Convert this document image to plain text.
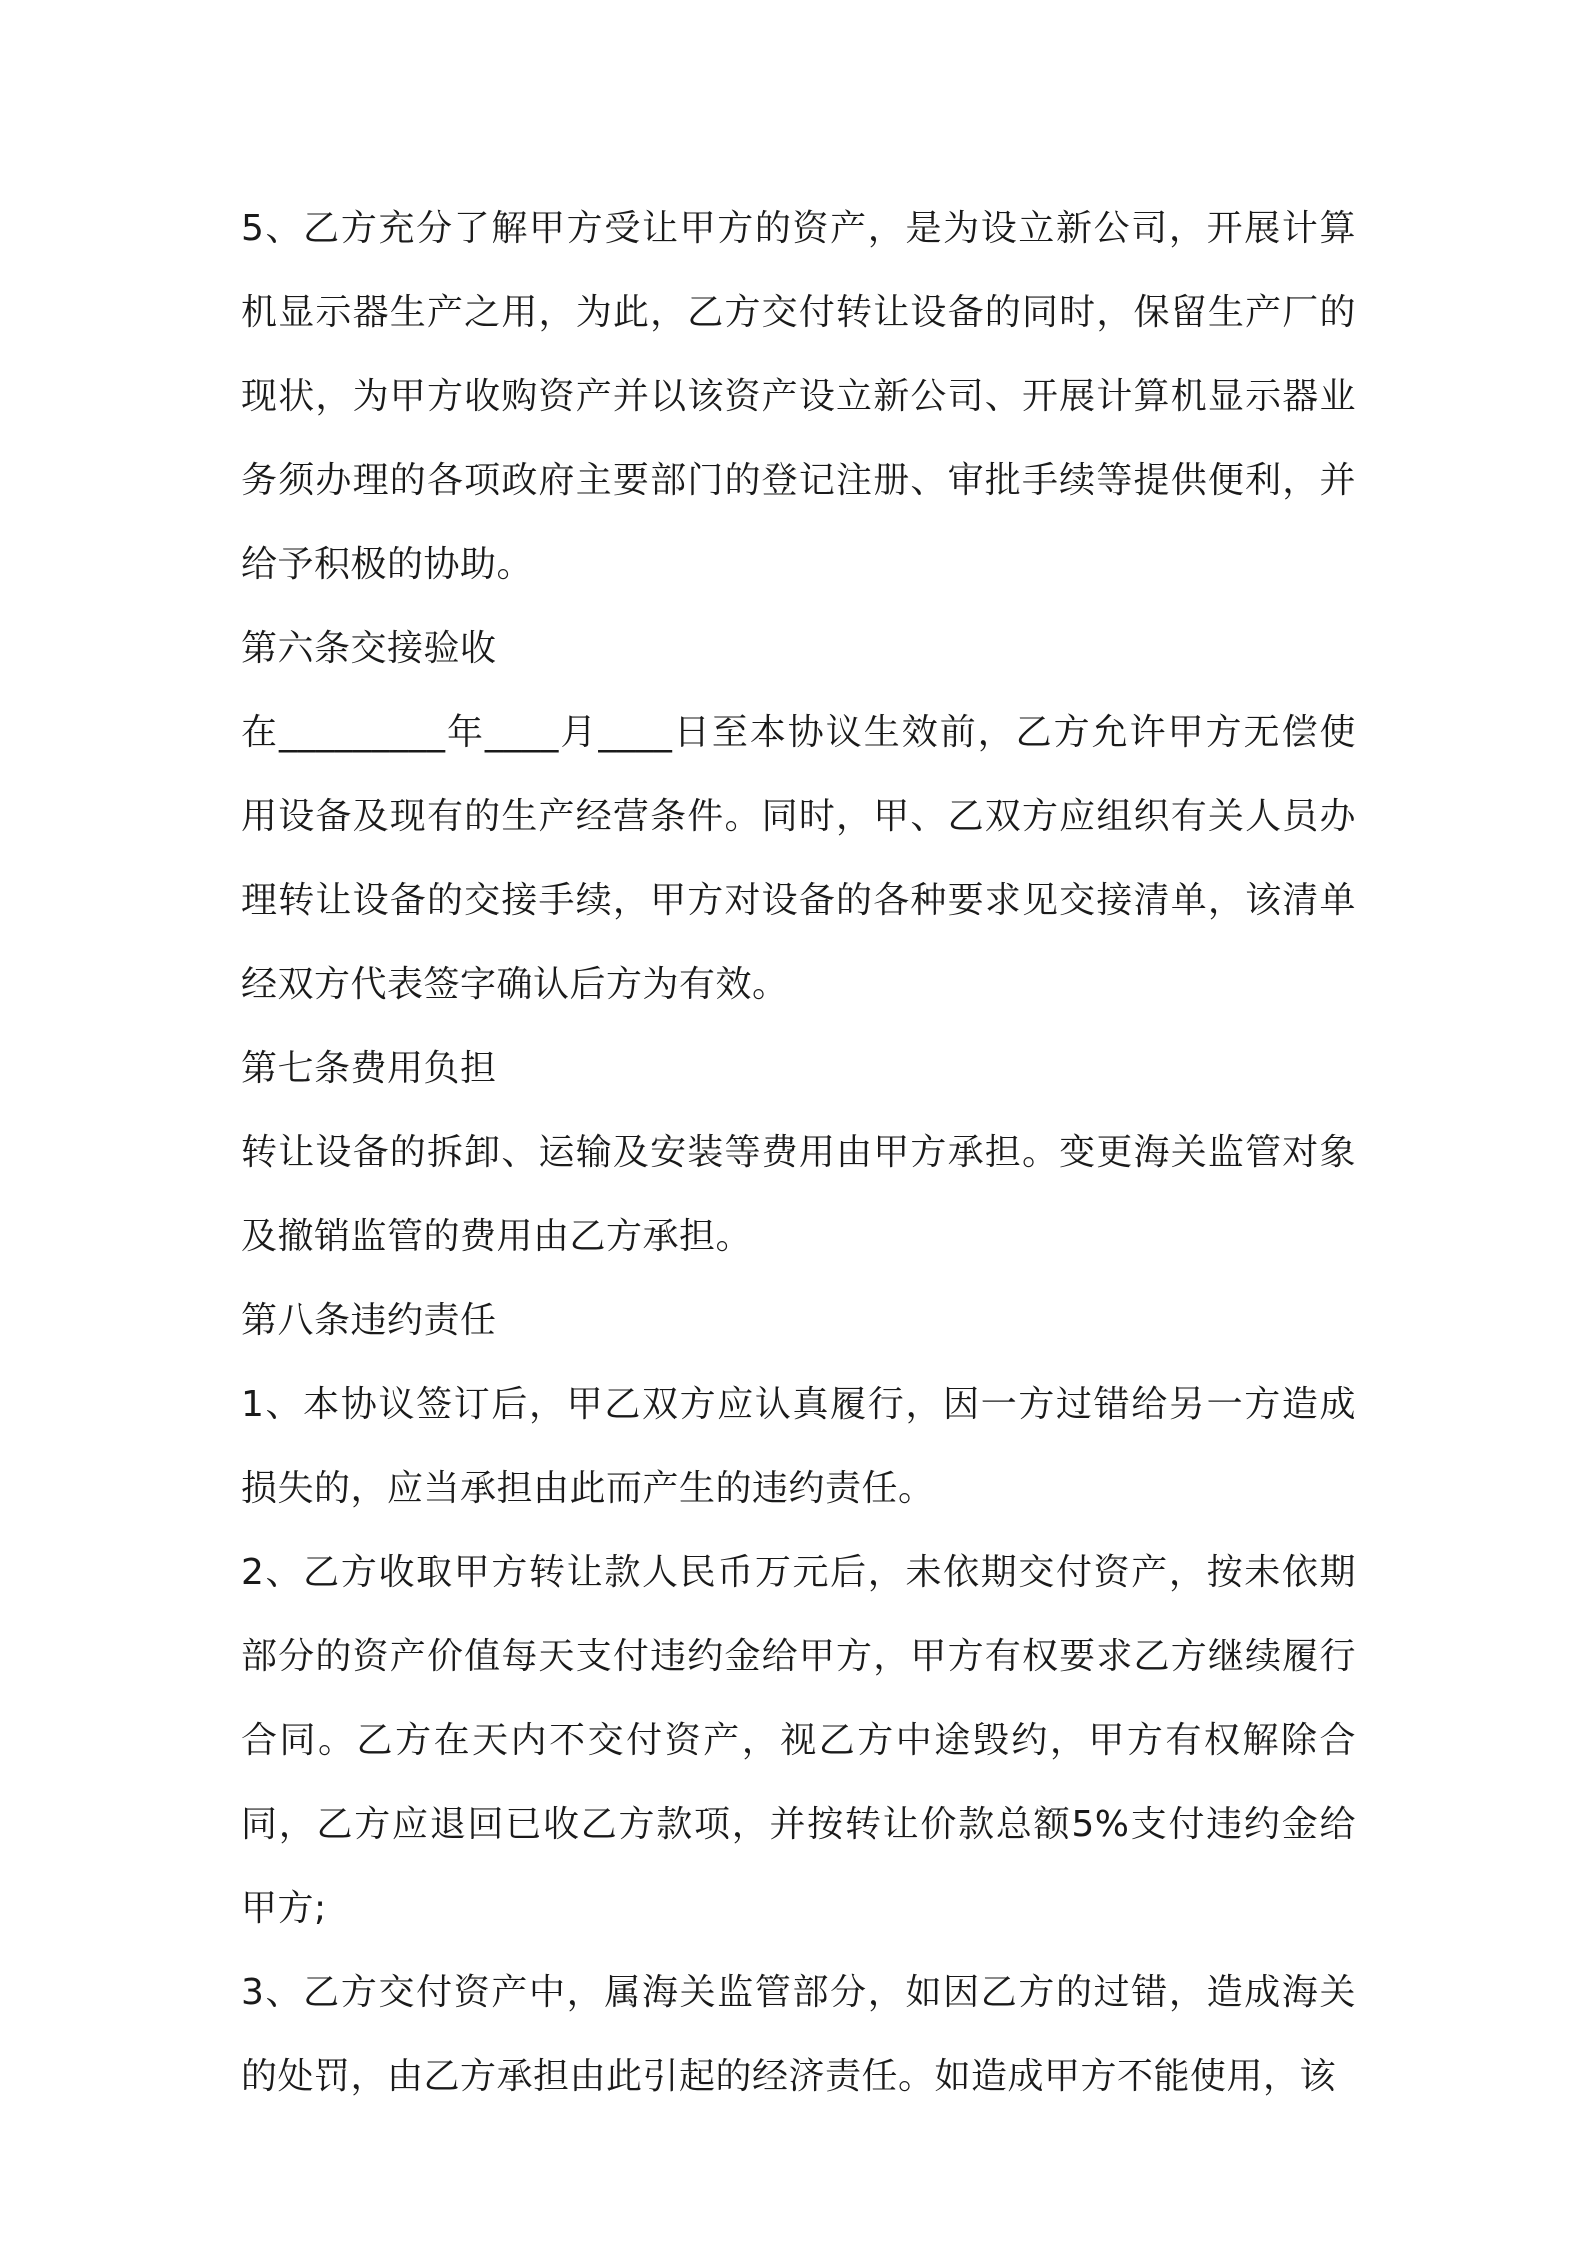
5、乙方充分了解甲方受让甲方的资产，是为设立新公司，开展计算机显示器生产之用，为此，乙方交付转让设备的同时，保留生产厂的现状，为甲方收购资产并以该资产设立新公司、开展计算机显示器业务须办理的各项政府主要部门的登记注册、审批手续等提供便利，并给予积极的协助。

第六条交接验收

在_________年____月____日至本协议生效前，乙方允许甲方无偿使用设备及现有的生产经营条件。同时，甲、乙双方应组织有关人员办理转让设备的交接手续，甲方对设备的各种要求见交接清单，该清单经双方代表签字确认后方为有效。

第七条费用负担

转让设备的拆卸、运输及安装等费用由甲方承担。变更海关监管对象及撤销监管的费用由乙方承担。

第八条违约责任

1、本协议签订后，甲乙双方应认真履行，因一方过错给另一方造成损失的，应当承担由此而产生的违约责任。

2、乙方收取甲方转让款人民币万元后，未依期交付资产，按未依期部分的资产价值每天支付违约金给甲方，甲方有权要求乙方继续履行合同。乙方在天内不交付资产，视乙方中途毁约，甲方有权解除合同，乙方应退回已收乙方款项，并按转让价款总额5%支付违约金给甲方;

3、乙方交付资产中，属海关监管部分，如因乙方的过错，造成海关的处罚，由乙方承担由此引起的经济责任。如造成甲方不能使用，该
